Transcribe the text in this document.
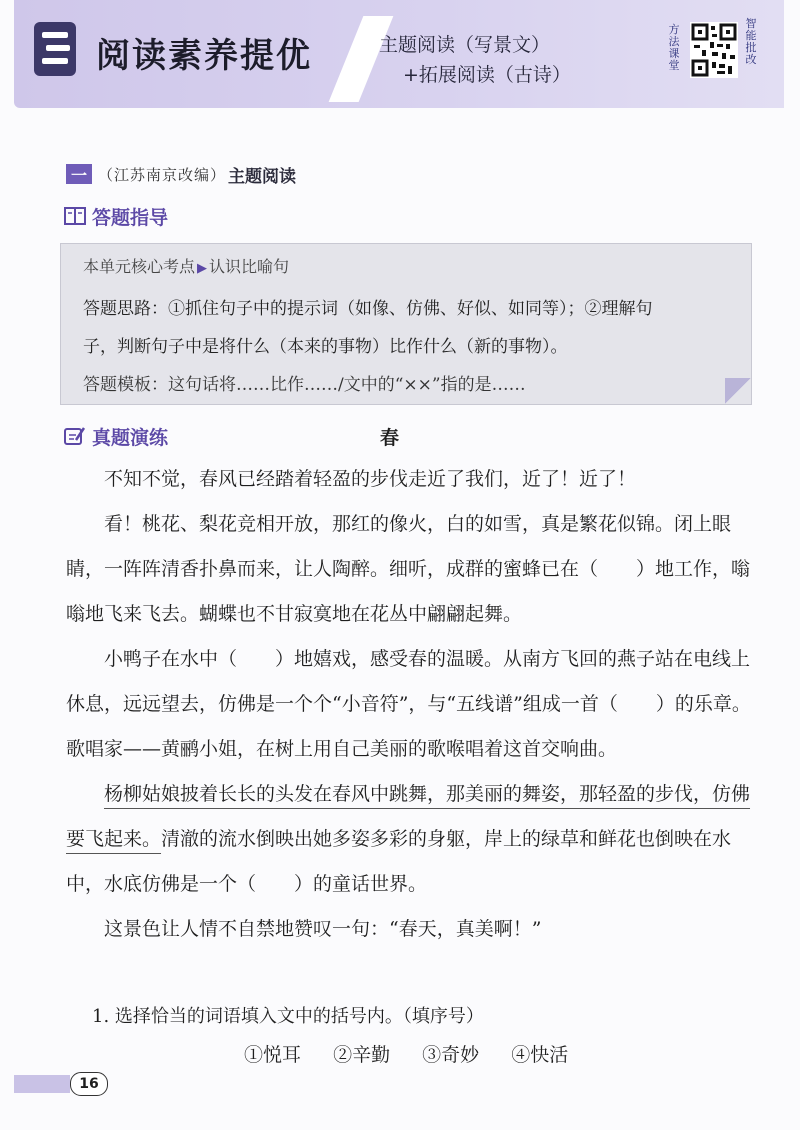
阅读素养提优	主题阅读（写景文）
+拓展阅读（古诗）
方法课堂
智能批改
一 （江苏南京改编） 主题阅读
答题指导
本单元核心考点 ▶ 认识比喻句
答题思路：①抓住句子中的提示词（如像、仿佛、好似、如同等）；②理解句
子，判断句子中是将什么（本来的事物）比作什么（新的事物）。
答题模板：这句话将……比作……/文中的“××”指的是……
真题演练	春

不知不觉，春风已经踏着轻盈的步伐走近了我们，近了！近了！

看！桃花、梨花竞相开放，那红的像火，白的如雪，真是繁花似锦。闭上眼睛，一阵阵清香扑鼻而来，让人陶醉。细听，成群的蜜蜂已在（　　）地工作，嗡嗡地飞来飞去。蝴蝶也不甘寂寞地在花丛中翩翩起舞。

小鸭子在水中（　　）地嬉戏，感受春的温暖。从南方飞回的燕子站在电线上休息，远远望去，仿佛是一个个“小音符”，与“五线谱”组成一首（　　）的乐章。歌唱家——黄鹂小姐，在树上用自己美丽的歌喉唱着这首交响曲。

杨柳姑娘披着长长的头发在春风中跳舞，那美丽的舞姿，那轻盈的步伐，仿佛要飞起来。清澈的流水倒映出她多姿多彩的身躯，岸上的绿草和鲜花也倒映在水中，水底仿佛是一个（　　）的童话世界。

这景色让人情不自禁地赞叹一句：“春天，真美啊！”

1. 选择恰当的词语填入文中的括号内。（填序号）
①悦耳 ②辛勤 ③奇妙 ④快活
16
